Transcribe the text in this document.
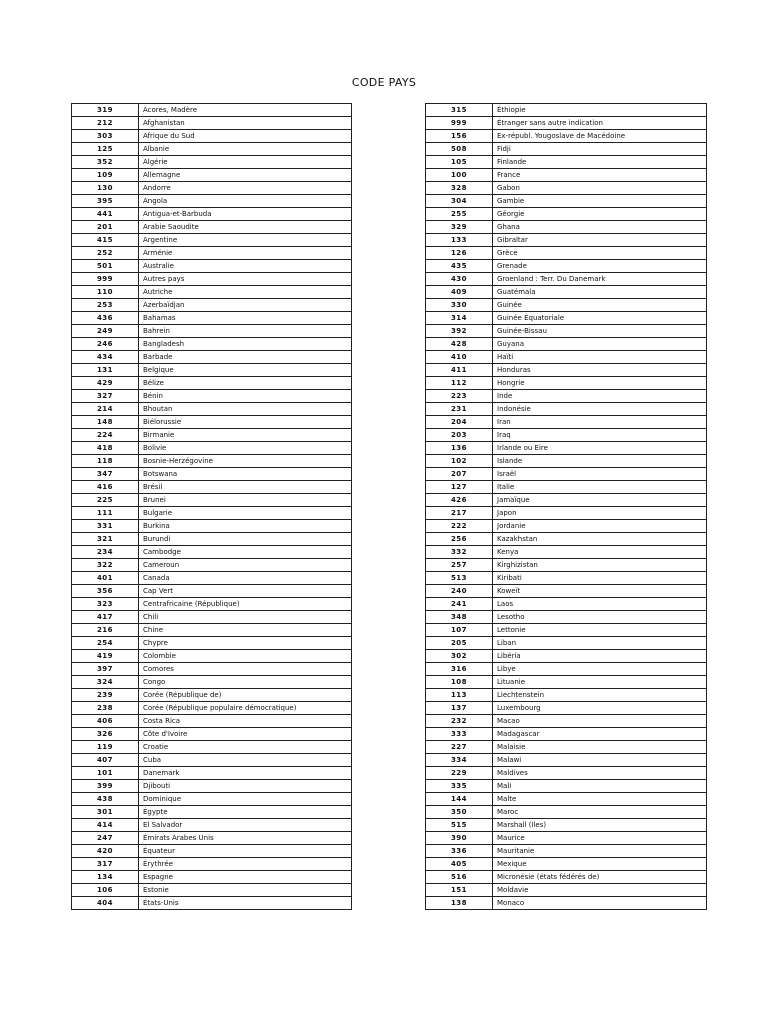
CODE PAYS
319	Acores, Madère
212	Afghanistan
303	Afrique du Sud
125	Albanie
352	Algérie
109	Allemagne
130	Andorre
395	Angola
441	Antigua-et-Barbuda
201	Arabie Saoudite
415	Argentine
252	Arménie
501	Australie
999	Autres pays
110	Autriche
253	Azerbaïdjan
436	Bahamas
249	Bahrein
246	Bangladesh
434	Barbade
131	Belgique
429	Bélize
327	Bénin
214	Bhoutan
148	Biélorussie
224	Birmanie
418	Bolivie
118	Bosnie-Herzégovine
347	Botswana
416	Brésil
225	Brunei
111	Bulgarie
331	Burkina
321	Burundi
234	Cambodge
322	Cameroun
401	Canada
356	Cap Vert
323	Centrafricaine (République)
417	Chili
216	Chine
254	Chypre
419	Colombie
397	Comores
324	Congo
239	Corée (République de)
238	Corée (République populaire démocratique)
406	Costa Rica
326	Côte d'Ivoire
119	Croatie
407	Cuba
101	Danemark
399	Djibouti
438	Dominique
301	Égypte
414	El Salvador
247	Émirats Arabes Unis
420	Équateur
317	Érythrée
134	Espagne
106	Estonie
404	États-Unis
315	Éthiopie
999	Étranger sans autre indication
156	Ex-républ. Yougoslave de Macédoine
508	Fidji
105	Finlande
100	France
328	Gabon
304	Gambie
255	Géorgie
329	Ghana
133	Gibraltar
126	Grèce
435	Grenade
430	Groenland : Terr. Du Danemark
409	Guatémala
330	Guinée
314	Guinée Équatoriale
392	Guinée-Bissau
428	Guyana
410	Haïti
411	Honduras
112	Hongrie
223	Inde
231	Indonésie
204	Iran
203	Iraq
136	Irlande ou Eire
102	Islande
207	Israël
127	Italie
426	Jamaïque
217	Japon
222	Jordanie
256	Kazakhstan
332	Kenya
257	Kirghizistan
513	Kiribati
240	Koweït
241	Laos
348	Lesotho
107	Lettonie
205	Liban
302	Libéria
316	Libye
108	Lituanie
113	Liechtenstein
137	Luxembourg
232	Macao
333	Madagascar
227	Malaisie
334	Malawi
229	Maldives
335	Mali
144	Malte
350	Maroc
515	Marshall (Iles)
390	Maurice
336	Mauritanie
405	Mexique
516	Micronésie (états fédérés de)
151	Moldavie
138	Monaco
